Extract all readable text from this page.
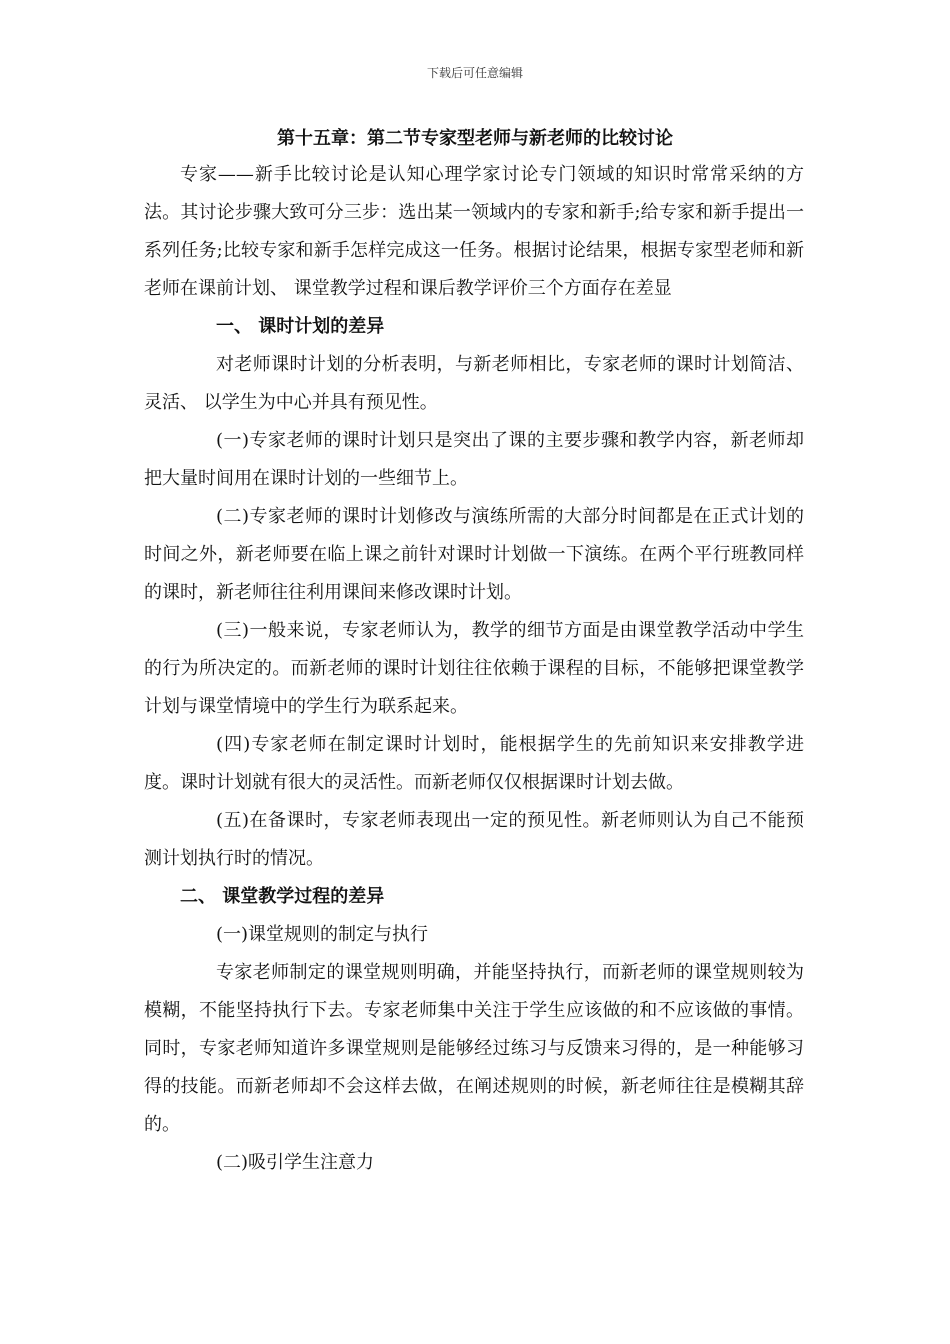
下载后可任意编辑
第十五章：第二节专家型老师与新老师的比较讨论

专家——新手比较讨论是认知心理学家讨论专门领域的知识时常常采纳的方法。其讨论步骤大致可分三步：选出某一领域内的专家和新手;给专家和新手提出一系列任务;比较专家和新手怎样完成这一任务。根据讨论结果，根据专家型老师和新老师在课前计划、 课堂教学过程和课后教学评价三个方面存在差显

一、 课时计划的差异

对老师课时计划的分析表明，与新老师相比，专家老师的课时计划简洁、 灵活、 以学生为中心并具有预见性。

(一)专家老师的课时计划只是突出了课的主要步骤和教学内容，新老师却把大量时间用在课时计划的一些细节上。

(二)专家老师的课时计划修改与演练所需的大部分时间都是在正式计划的时间之外，新老师要在临上课之前针对课时计划做一下演练。在两个平行班教同样的课时，新老师往往利用课间来修改课时计划。

(三)一般来说，专家老师认为，教学的细节方面是由课堂教学活动中学生的行为所决定的。而新老师的课时计划往往依赖于课程的目标，不能够把课堂教学计划与课堂情境中的学生行为联系起来。

(四)专家老师在制定课时计划时，能根据学生的先前知识来安排教学进度。课时计划就有很大的灵活性。而新老师仅仅根据课时计划去做。

(五)在备课时，专家老师表现出一定的预见性。新老师则认为自己不能预测计划执行时的情况。

二、 课堂教学过程的差异

(一)课堂规则的制定与执行

专家老师制定的课堂规则明确，并能坚持执行，而新老师的课堂规则较为模糊，不能坚持执行下去。专家老师集中关注于学生应该做的和不应该做的事情。同时，专家老师知道许多课堂规则是能够经过练习与反馈来习得的，是一种能够习得的技能。而新老师却不会这样去做，在阐述规则的时候，新老师往往是模糊其辞的。

(二)吸引学生注意力
